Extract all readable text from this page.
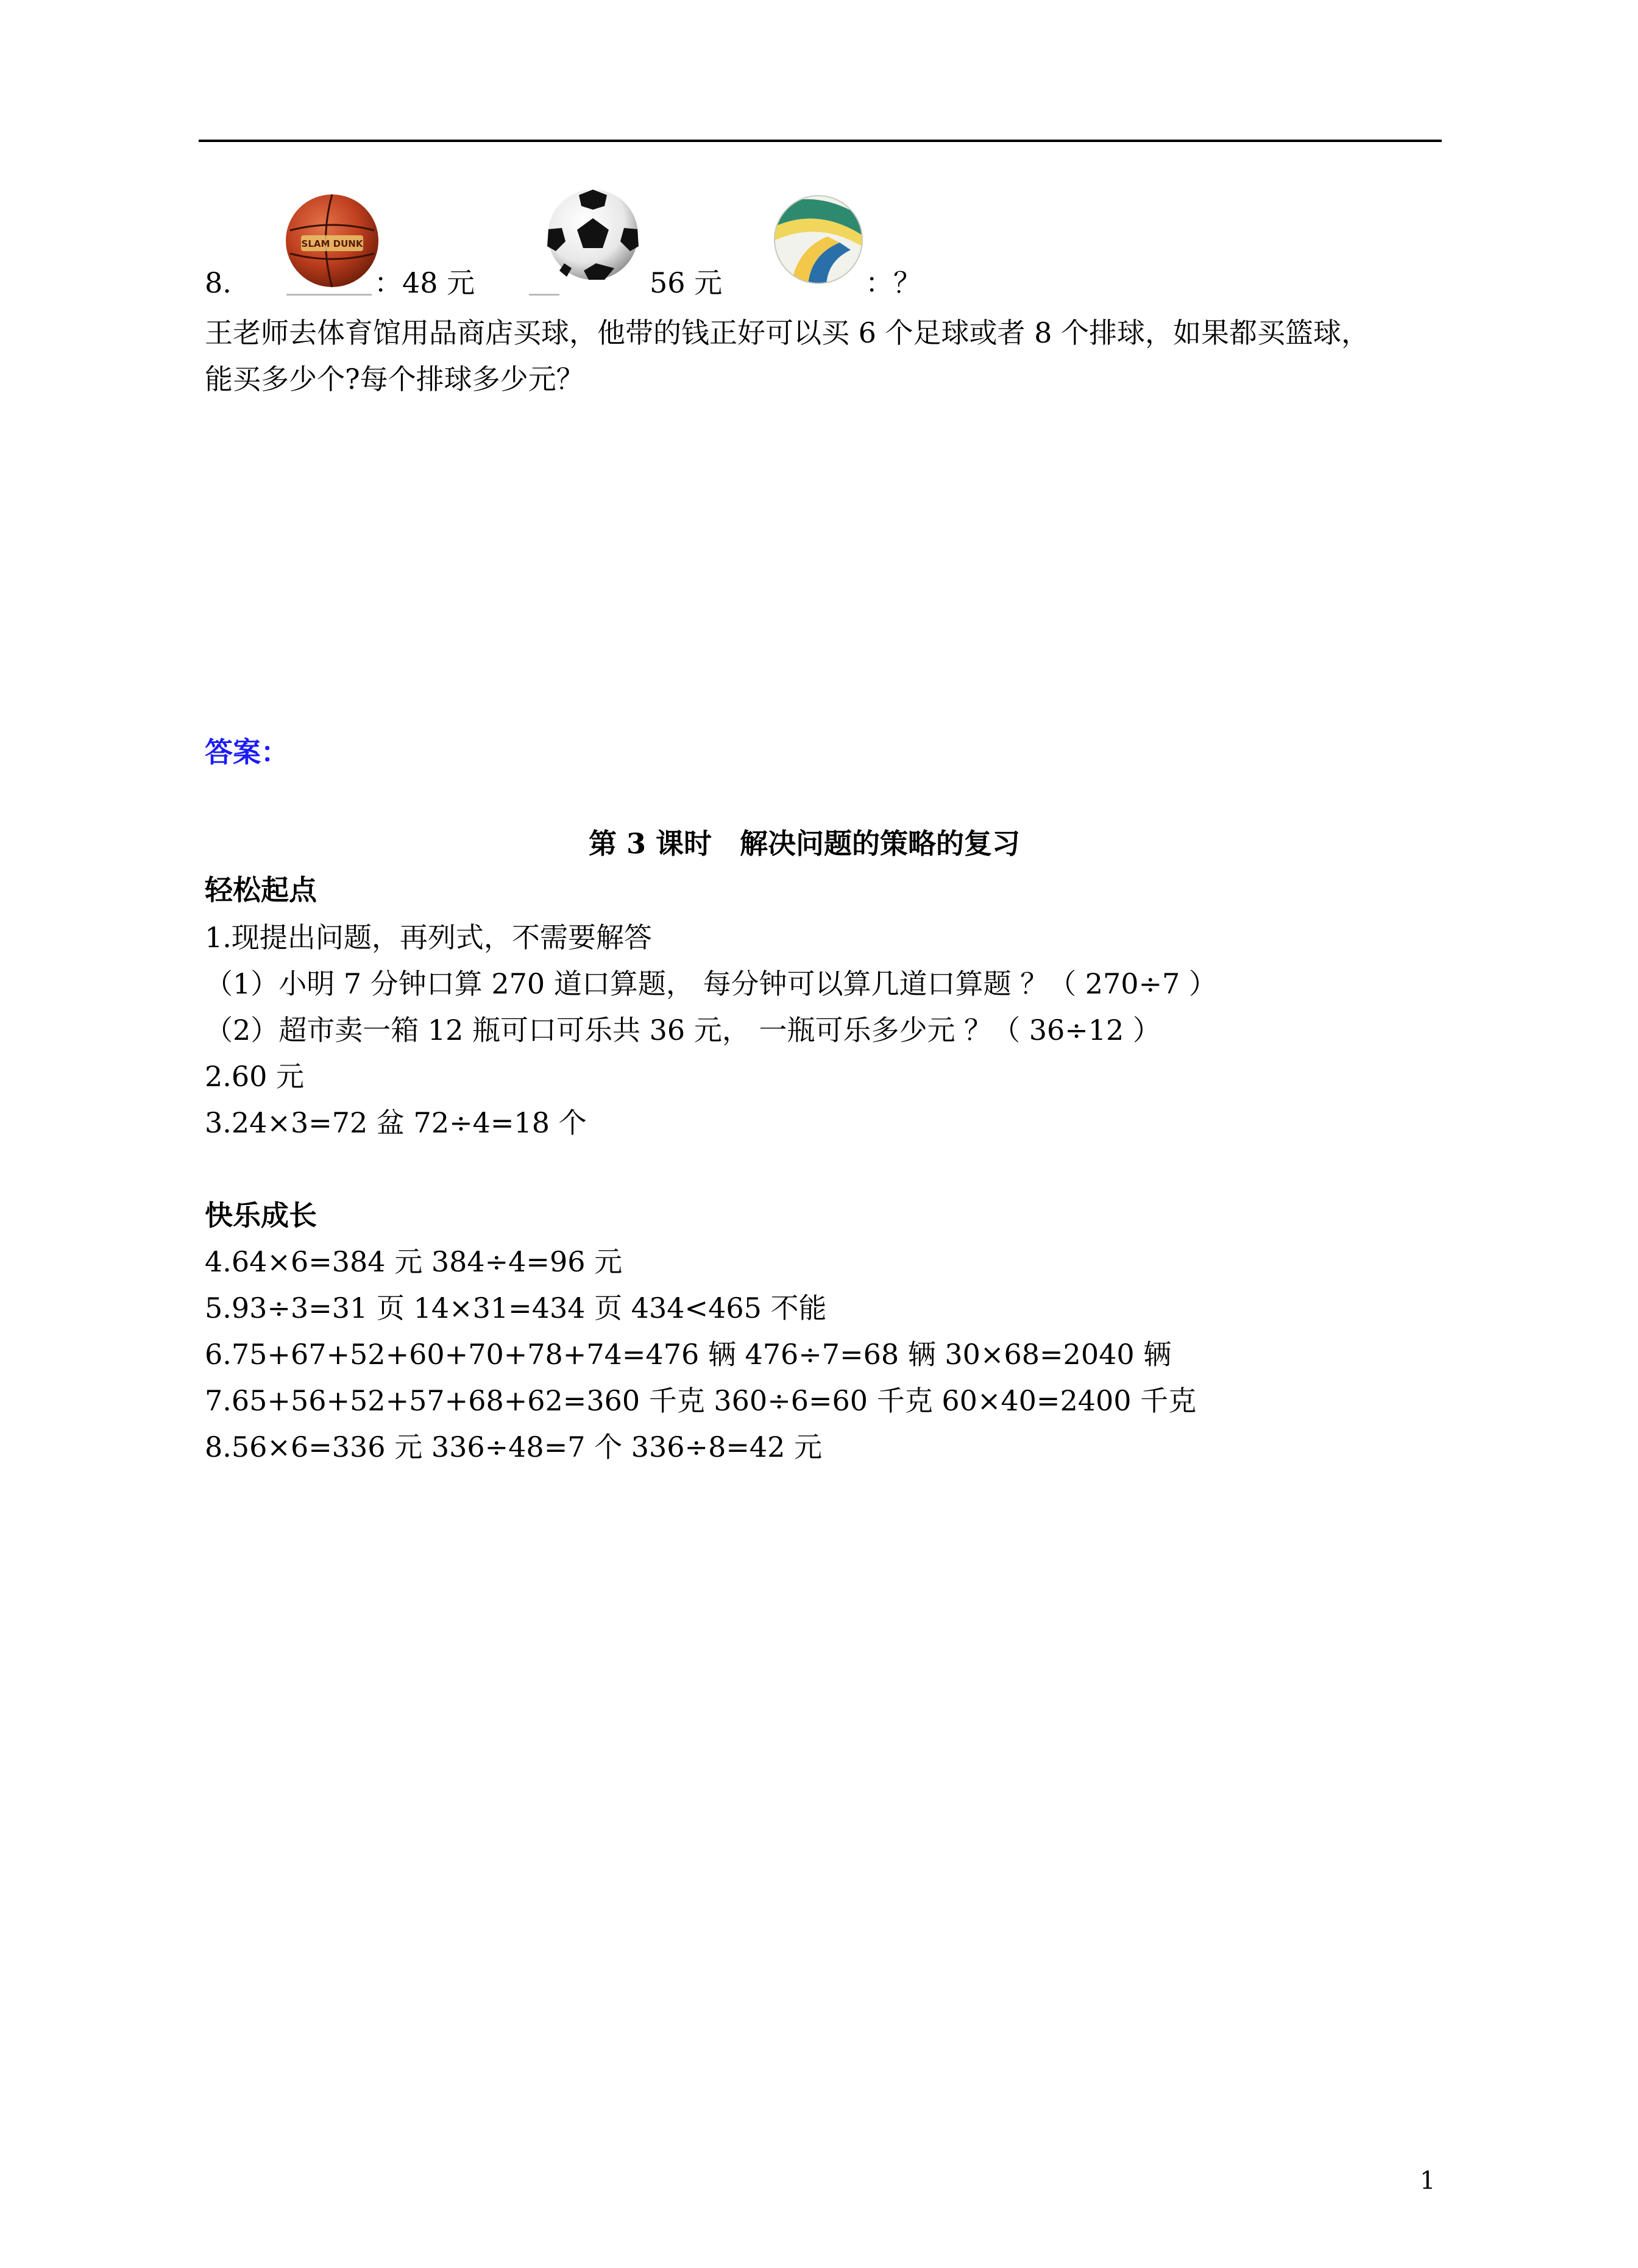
8.
SLAM DUNK
：48 元	56 元	：？
王老师去体育馆用品商店买球，他带的钱正好可以买 6 个足球或者 8 个排球，如果都买篮球，
能买多少个?每个排球多少元？
答案：
第 3 课时　解决问题的策略的复习
轻松起点
1.现提出问题，再列式，不需要解答
（1）小明 7 分钟口算 270 道口算题， 每分钟可以算几道口算题 ？（ 270÷7 ）
（2）超市卖一箱 12 瓶可口可乐共 36 元， 一瓶可乐多少元 ？（ 36÷12 ）
2.60 元
3.24×3=72 盆 72÷4=18 个
快乐成长
4.64×6=384 元 384÷4=96 元
5.93÷3=31 页 14×31=434 页 434<465 不能
6.75+67+52+60+70+78+74=476 辆 476÷7=68 辆 30×68=2040 辆
7.65+56+52+57+68+62=360 千克 360÷6=60 千克 60×40=2400 千克
8.56×6=336 元 336÷48=7 个 336÷8=42 元
1
